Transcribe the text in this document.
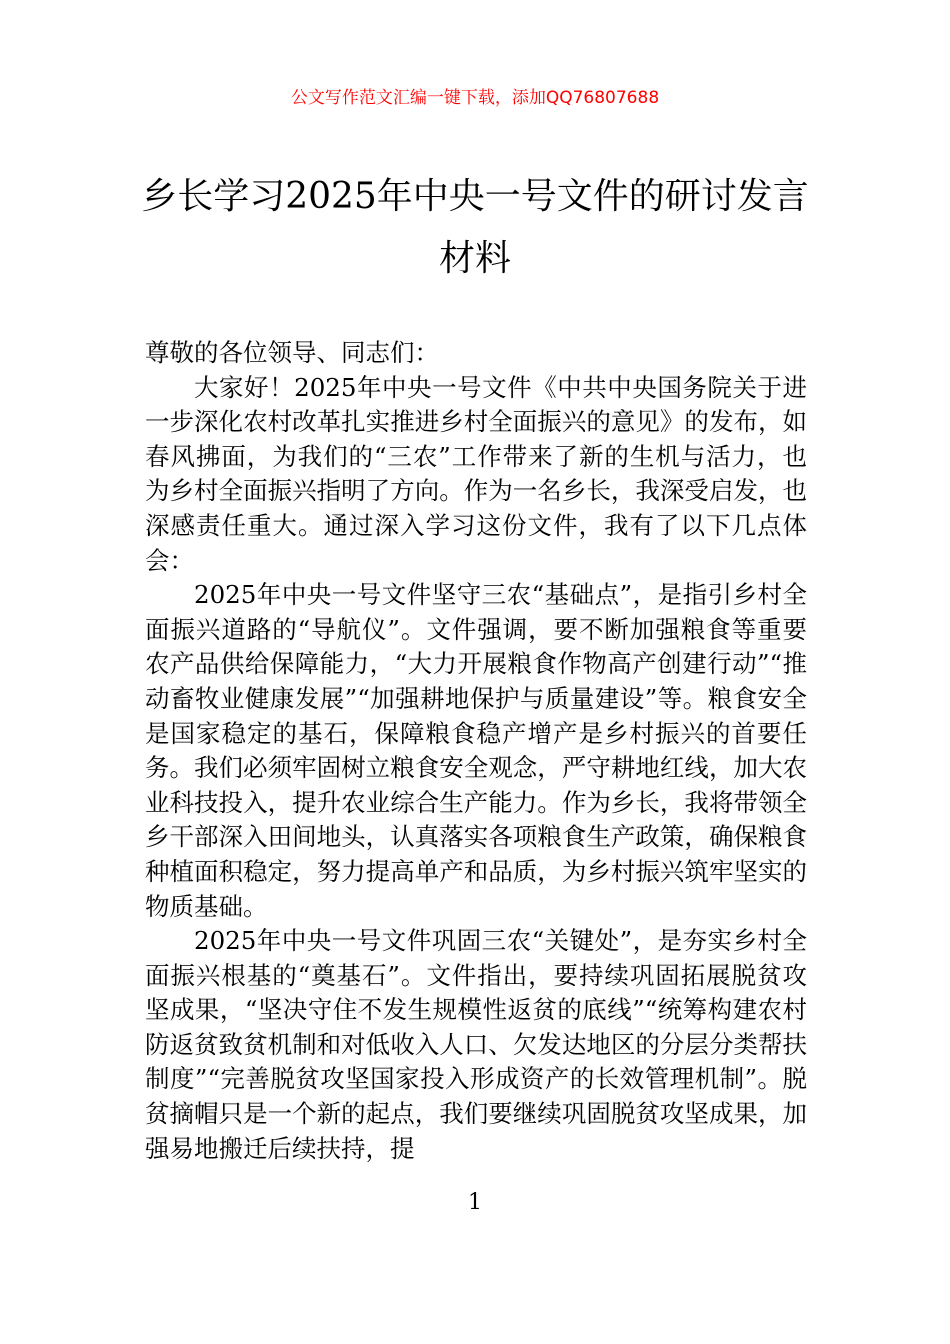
公文写作范文汇编一键下载，添加QQ76807688
乡长学习2025年中央一号文件的研讨发言材料

尊敬的各位领导、同志们：

大家好！2025年中央一号文件《中共中央国务院关于进一步深化农村改革扎实推进乡村全面振兴的意见》的发布，如春风拂面，为我们的“三农”工作带来了新的生机与活力，也为乡村全面振兴指明了方向。作为一名乡长，我深受启发，也深感责任重大。通过深入学习这份文件，我有了以下几点体会：

2025年中央一号文件坚守三农“基础点”，是指引乡村全面振兴道路的“导航仪”。文件强调，要不断加强粮食等重要农产品供给保障能力，“大力开展粮食作物高产创建行动”“推动畜牧业健康发展”“加强耕地保护与质量建设”等。粮食安全是国家稳定的基石，保障粮食稳产增产是乡村振兴的首要任务。我们必须牢固树立粮食安全观念，严守耕地红线，加大农业科技投入，提升农业综合生产能力。作为乡长，我将带领全乡干部深入田间地头，认真落实各项粮食生产政策，确保粮食种植面积稳定，努力提高单产和品质，为乡村振兴筑牢坚实的物质基础。

2025年中央一号文件巩固三农“关键处”，是夯实乡村全面振兴根基的“奠基石”。文件指出，要持续巩固拓展脱贫攻坚成果，“坚决守住不发生规模性返贫的底线”“统筹构建农村防返贫致贫机制和对低收入人口、欠发达地区的分层分类帮扶制度”“完善脱贫攻坚国家投入形成资产的长效管理机制”。脱贫摘帽只是一个新的起点，我们要继续巩固脱贫攻坚成果，加强易地搬迁后续扶持，提

1
